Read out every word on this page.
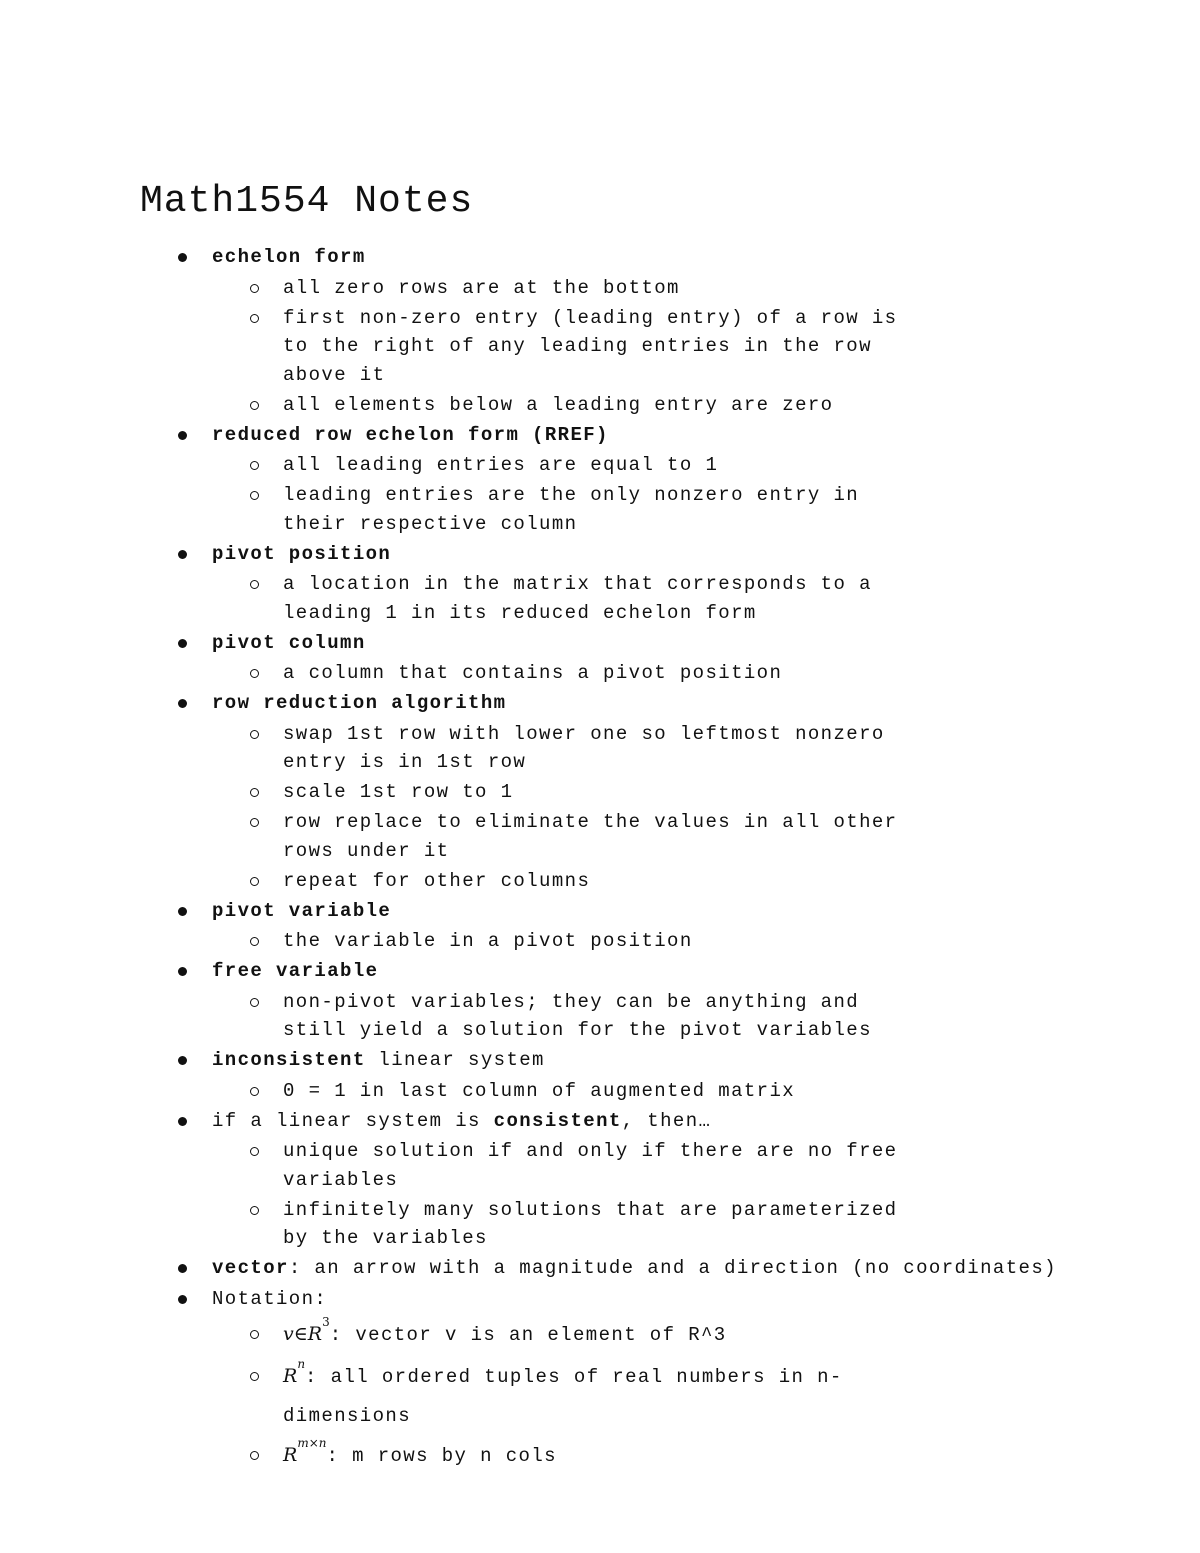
Math1554 Notes
echelon form
all zero rows are at the bottom
first non-zero entry (leading entry) of a row is to the right of any leading entries in the row above it
all elements below a leading entry are zero
reduced row echelon form (RREF)
all leading entries are equal to 1
leading entries are the only nonzero entry in their respective column
pivot position
a location in the matrix that corresponds to a leading 1 in its reduced echelon form
pivot column
a column that contains a pivot position
row reduction algorithm
swap 1st row with lower one so leftmost nonzero entry is in 1st row
scale 1st row to 1
row replace to eliminate the values in all other rows under it
repeat for other columns
pivot variable
the variable in a pivot position
free variable
non-pivot variables; they can be anything and still yield a solution for the pivot variables
inconsistent linear system
0 = 1 in last column of augmented matrix
if a linear system is consistent, then…
unique solution if and only if there are no free variables
infinitely many solutions that are parameterized by the variables
vector: an arrow with a magnitude and a direction (no coordinates)
Notation:
$v\in R^3$: vector v is an element of R^3
$R^n$: all ordered tuples of real numbers in n-dimensions
$R^{m\times n}$: m rows by n cols
